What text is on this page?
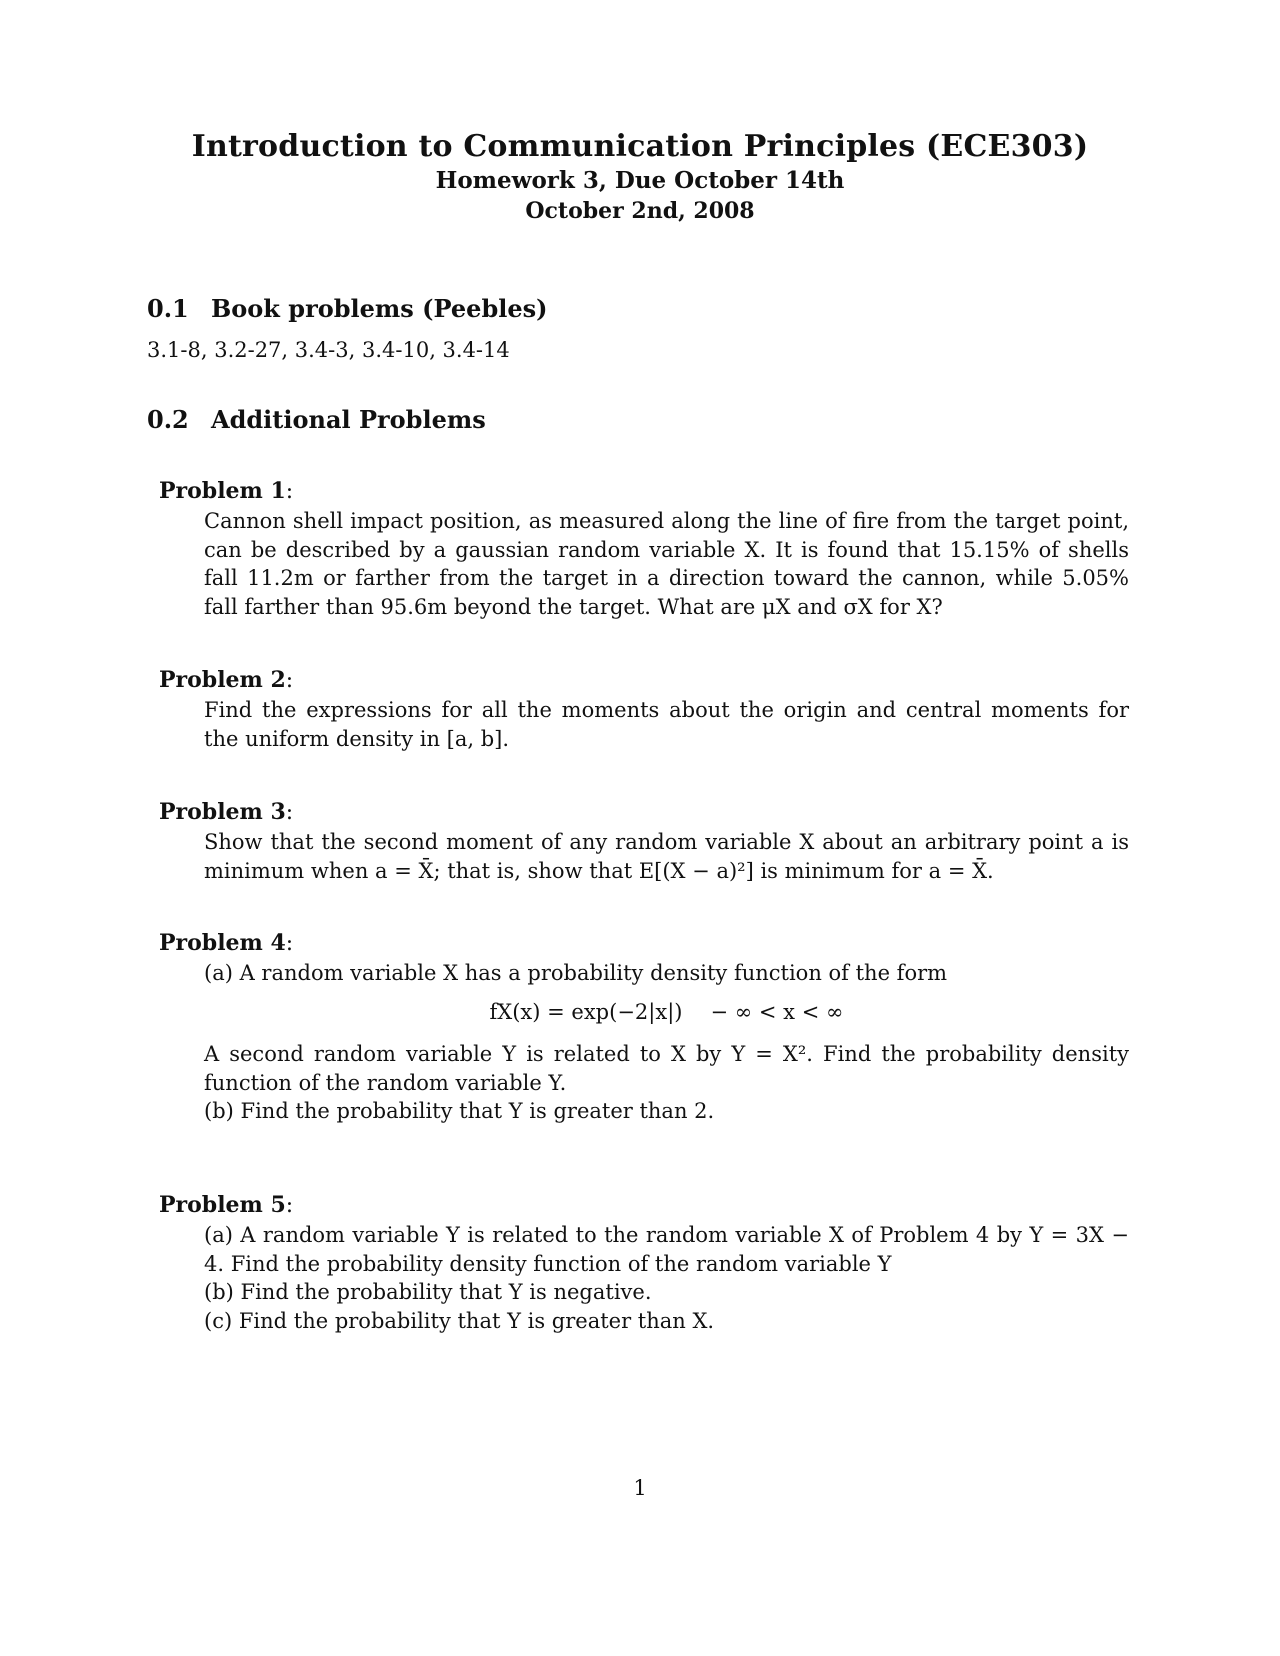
Introduction to Communication Principles (ECE303)
Homework 3, Due October 14th
October 2nd, 2008
0.1 Book problems (Peebles)
3.1-8, 3.2-27, 3.4-3, 3.4-10, 3.4-14
0.2 Additional Problems
Problem 1:

Cannon shell impact position, as measured along the line of fire from the target point, can be described by a gaussian random variable X. It is found that 15.15% of shells fall 11.2m or farther from the target in a direction toward the cannon, while 5.05% fall farther than 95.6m beyond the target. What are μX and σX for X?

Problem 2:

Find the expressions for all the moments about the origin and central moments for the uniform density in [a, b].

Problem 3:

Show that the second moment of any random variable X about an arbitrary point a is minimum when a = X̄; that is, show that E[(X − a)²] is minimum for a = X̄.

Problem 4:

(a) A random variable X has a probability density function of the form

fX(x) = exp(−2|x|) − ∞ < x < ∞

A second random variable Y is related to X by Y = X². Find the probability density function of the random variable Y.

(b) Find the probability that Y is greater than 2.

Problem 5:

(a) A random variable Y is related to the random variable X of Problem 4 by Y = 3X − 4. Find the probability density function of the random variable Y

(b) Find the probability that Y is negative.

(c) Find the probability that Y is greater than X.

1
